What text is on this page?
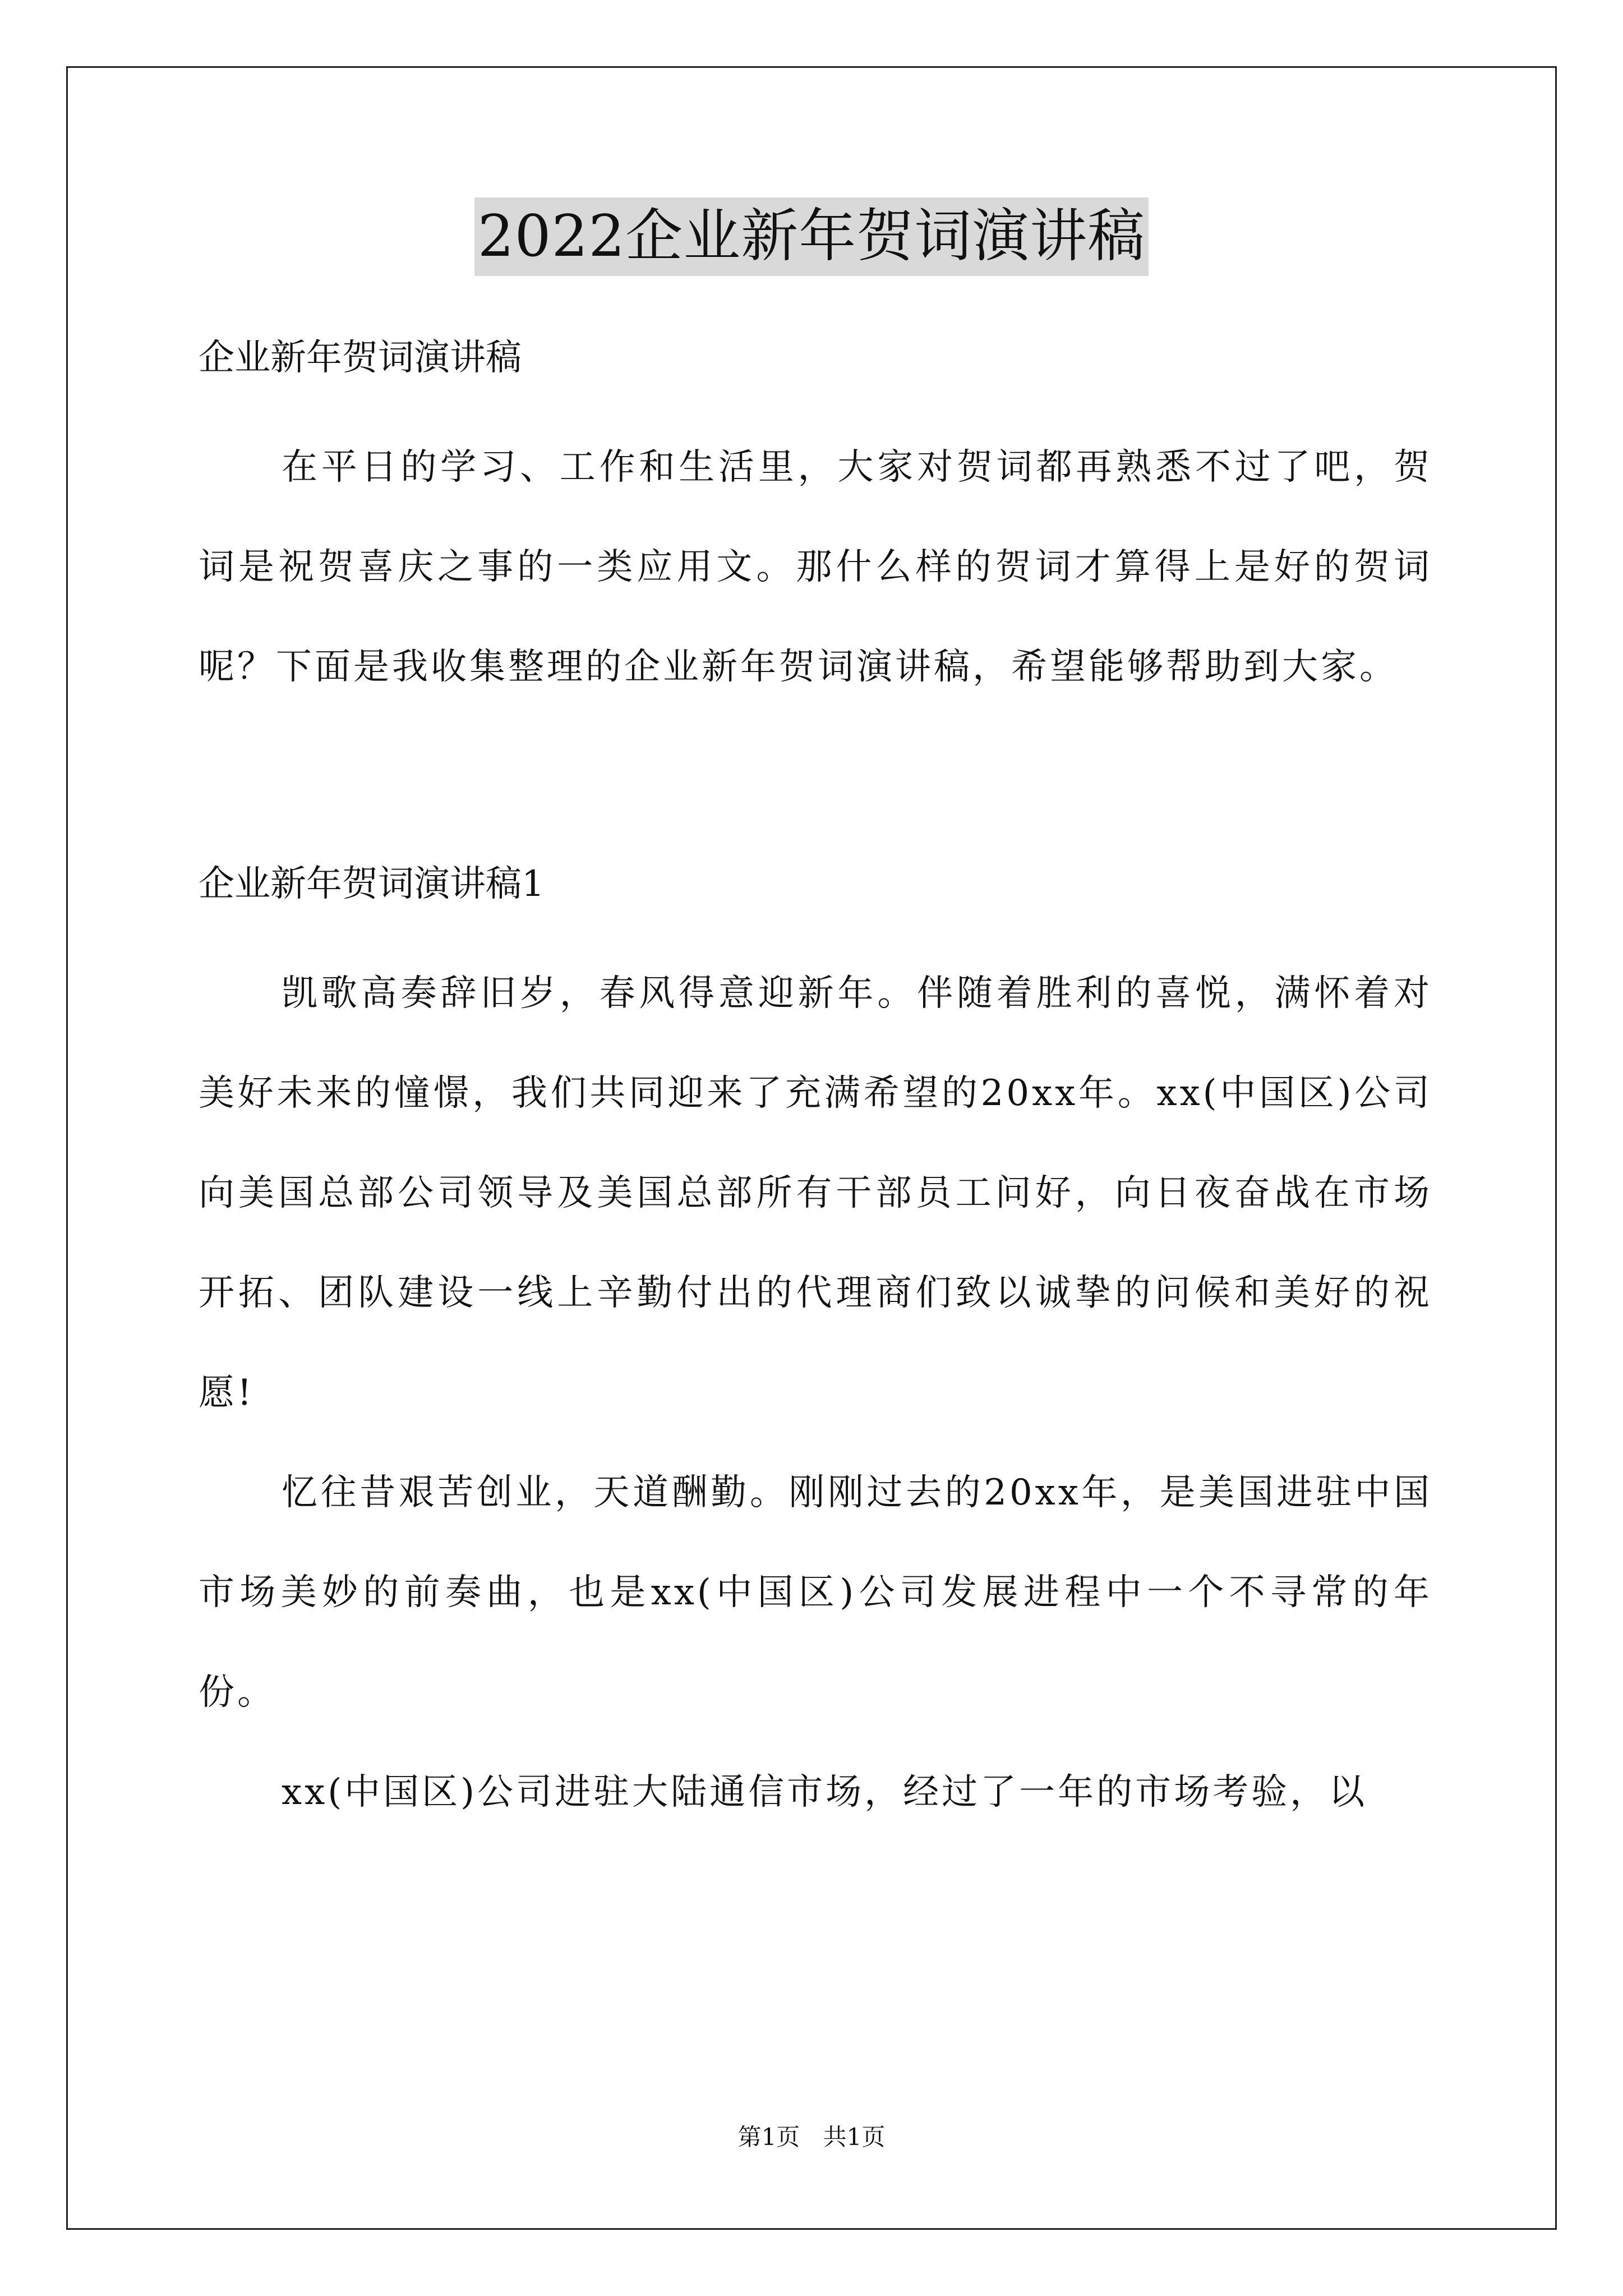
2022企业新年贺词演讲稿

企业新年贺词演讲稿

在平日的学习、工作和生活里，大家对贺词都再熟悉不过了吧，贺词是祝贺喜庆之事的一类应用文。那什么样的贺词才算得上是好的贺词呢？下面是我收集整理的企业新年贺词演讲稿，希望能够帮助到大家。

企业新年贺词演讲稿1

凯歌高奏辞旧岁，春风得意迎新年。伴随着胜利的喜悦，满怀着对美好未来的憧憬，我们共同迎来了充满希望的20xx年。xx(中国区)公司向美国总部公司领导及美国总部所有干部员工问好，向日夜奋战在市场开拓、团队建设一线上辛勤付出的代理商们致以诚挚的问候和美好的祝愿!

忆往昔艰苦创业，天道酬勤。刚刚过去的20xx年，是美国进驻中国市场美妙的前奏曲，也是xx(中国区)公司发展进程中一个不寻常的年份。

xx(中国区)公司进驻大陆通信市场，经过了一年的市场考验，以

第1页 共1页
